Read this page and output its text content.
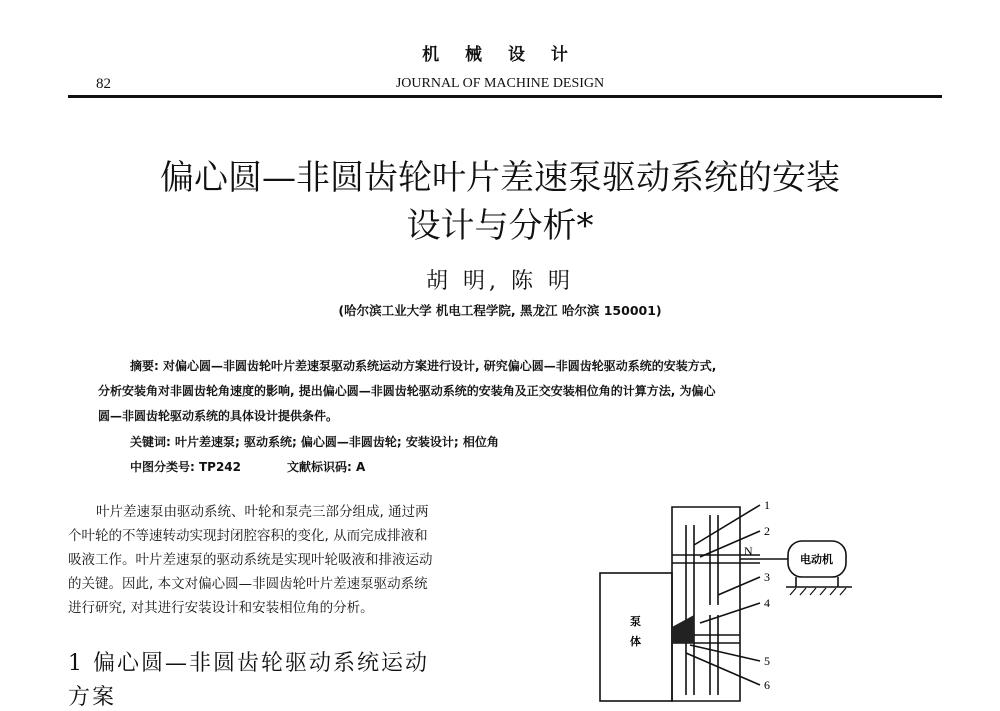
机 械 设 计
82	JOURNAL OF MACHINE DESIGN
偏心圆—非圆齿轮叶片差速泵驱动系统的安装
设计与分析*
胡 明, 陈 明
(哈尔滨工业大学 机电工程学院, 黑龙江 哈尔滨 150001)
摘要: 对偏心圆—非圆齿轮叶片差速泵驱动系统运动方案进行设计, 研究偏心圆—非圆齿轮驱动系统的安装方式,
分析安装角对非圆齿轮角速度的影响, 提出偏心圆—非圆齿轮驱动系统的安装角及正交安装相位角的计算方法, 为偏心
圆—非圆齿轮驱动系统的具体设计提供条件。
关键词: 叶片差速泵; 驱动系统; 偏心圆—非圆齿轮; 安装设计; 相位角
中图分类号: TP242	文献标识码: A
叶片差速泵由驱动系统、叶轮和泵壳三部分组成, 通过两
个叶轮的不等速转动实现封闭腔容积的变化, 从而完成排液和
吸液工作。叶片差速泵的驱动系统是实现叶轮吸液和排液运动
的关键。因此, 本文对偏心圆—非圆齿轮叶片差速泵驱动系统
进行研究, 对其进行安装设计和安装相位角的分析。
1 偏心圆—非圆齿轮驱动系统运动
方案
1
2
3
4
5
6
N
电动机
泵
体
